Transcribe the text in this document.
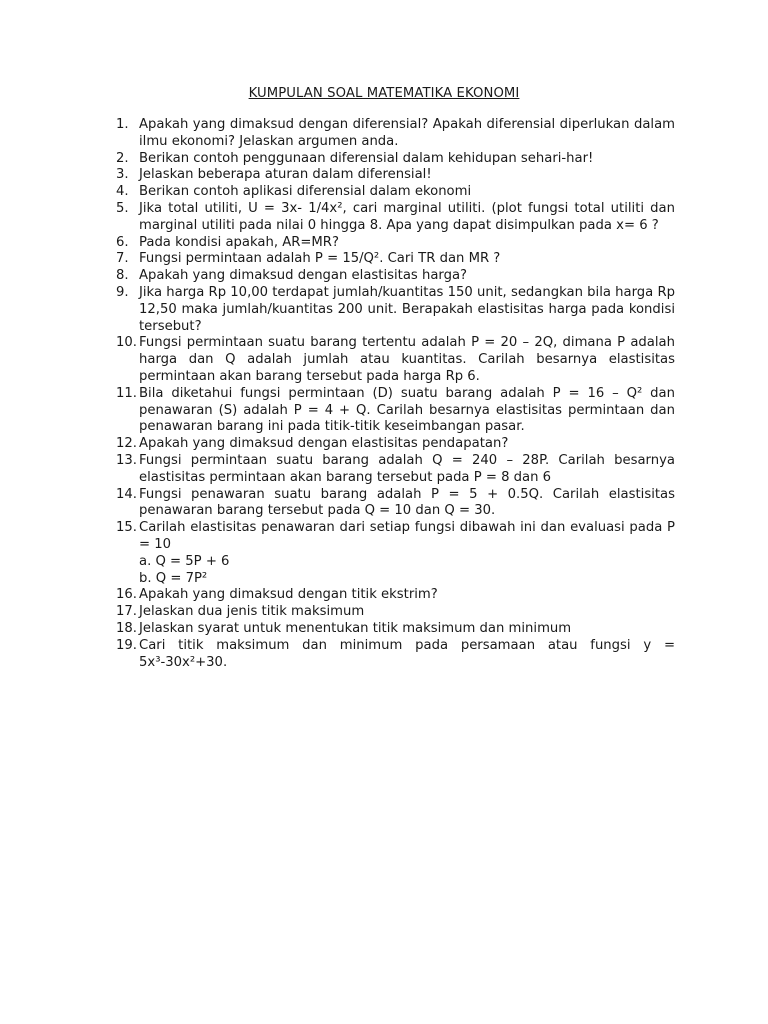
KUMPULAN SOAL MATEMATIKA EKONOMI
1. Apakah yang dimaksud dengan diferensial? Apakah diferensial diperlukan dalam ilmu ekonomi? Jelaskan argumen anda.
2. Berikan contoh penggunaan diferensial dalam kehidupan sehari-har!
3. Jelaskan beberapa aturan dalam diferensial!
4. Berikan contoh aplikasi diferensial dalam ekonomi
5. Jika total utiliti, U = 3x- 1/4x², cari marginal utiliti. (plot fungsi total utiliti dan marginal utiliti pada nilai 0 hingga 8. Apa yang dapat disimpulkan pada x= 6 ?
6. Pada kondisi apakah, AR=MR?
7. Fungsi permintaan adalah P = 15/Q². Cari TR dan MR ?
8. Apakah yang dimaksud dengan elastisitas harga?
9. Jika harga Rp 10,00 terdapat jumlah/kuantitas 150 unit, sedangkan bila harga Rp 12,50 maka jumlah/kuantitas 200 unit. Berapakah elastisitas harga pada kondisi tersebut?
10. Fungsi permintaan suatu barang tertentu adalah P = 20 – 2Q, dimana P adalah harga dan Q adalah jumlah atau kuantitas. Carilah besarnya elastisitas permintaan akan barang tersebut pada harga Rp 6.
11. Bila diketahui fungsi permintaan (D) suatu barang adalah P = 16 – Q² dan penawaran (S) adalah P = 4 + Q. Carilah besarnya elastisitas permintaan dan penawaran barang ini pada titik-titik keseimbangan pasar.
12. Apakah yang dimaksud dengan elastisitas pendapatan?
13. Fungsi permintaan suatu barang adalah Q = 240 – 28P. Carilah besarnya elastisitas permintaan akan barang tersebut pada P = 8 dan 6
14. Fungsi penawaran suatu barang adalah P = 5 + 0.5Q. Carilah elastisitas penawaran barang tersebut pada Q = 10 dan Q = 30.
15. Carilah elastisitas penawaran dari setiap fungsi dibawah ini dan evaluasi pada P = 10
a. Q = 5P + 6
b. Q = 7P²
16. Apakah yang dimaksud dengan titik ekstrim?
17. Jelaskan dua jenis titik maksimum
18. Jelaskan syarat untuk menentukan titik maksimum dan minimum
19. Cari titik maksimum dan minimum pada persamaan atau fungsi y = 5x³-30x²+30.
